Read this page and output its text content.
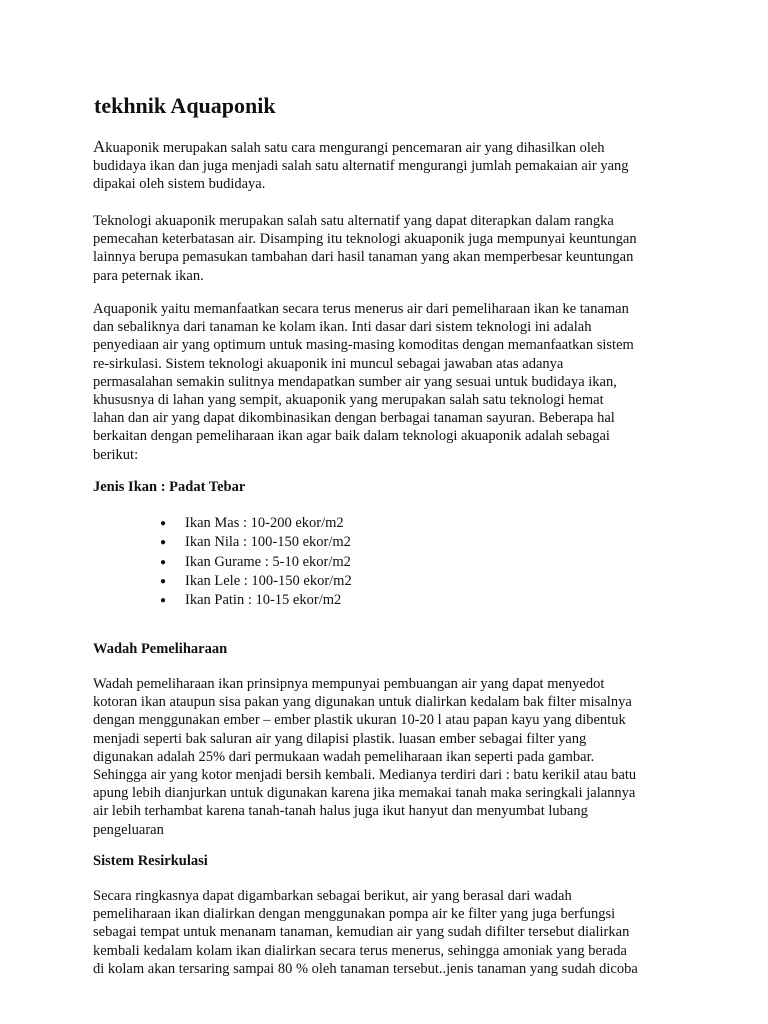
tekhnik Aquaponik

Akuaponik merupakan salah satu cara mengurangi pencemaran air yang dihasilkan oleh
budidaya ikan dan juga menjadi salah satu alternatif mengurangi jumlah pemakaian air yang
dipakai oleh sistem budidaya.

Teknologi akuaponik merupakan salah satu alternatif yang dapat diterapkan dalam rangka
pemecahan keterbatasan air. Disamping itu teknologi akuaponik juga mempunyai keuntungan
lainnya berupa pemasukan tambahan dari hasil tanaman yang akan memperbesar keuntungan
para peternak ikan.

Aquaponik yaitu memanfaatkan secara terus menerus air dari pemeliharaan ikan ke tanaman
dan sebaliknya dari tanaman ke kolam ikan. Inti dasar dari sistem teknologi ini adalah
penyediaan air yang optimum untuk masing-masing komoditas dengan memanfaatkan sistem
re-sirkulasi. Sistem teknologi akuaponik ini muncul sebagai jawaban atas adanya
permasalahan semakin sulitnya mendapatkan sumber air yang sesuai untuk budidaya ikan,
khususnya di lahan yang sempit, akuaponik yang merupakan salah satu teknologi hemat
lahan dan air yang dapat dikombinasikan dengan berbagai tanaman sayuran. Beberapa hal
berkaitan dengan pemeliharaan ikan agar baik dalam teknologi akuaponik adalah sebagai
berikut:

Jenis Ikan : Padat Tebar
● Ikan Mas : 10-200 ekor/m2
● Ikan Nila : 100-150 ekor/m2
● Ikan Gurame : 5-10 ekor/m2
● Ikan Lele : 100-150 ekor/m2
● Ikan Patin : 10-15 ekor/m2
Wadah Pemeliharaan

Wadah pemeliharaan ikan prinsipnya mempunyai pembuangan air yang dapat menyedot
kotoran ikan ataupun sisa pakan yang digunakan untuk dialirkan kedalam bak filter misalnya
dengan menggunakan ember – ember plastik ukuran 10-20 l atau papan kayu yang dibentuk
menjadi seperti bak saluran air yang dilapisi plastik. luasan ember sebagai filter yang
digunakan adalah 25% dari permukaan wadah pemeliharaan ikan seperti pada gambar.
Sehingga air yang kotor menjadi bersih kembali. Medianya terdiri dari : batu kerikil atau batu
apung lebih dianjurkan untuk digunakan karena jika memakai tanah maka seringkali jalannya
air lebih terhambat karena tanah-tanah halus juga ikut hanyut dan menyumbat lubang
pengeluaran

Sistem Resirkulasi

Secara ringkasnya dapat digambarkan sebagai berikut, air yang berasal dari wadah
pemeliharaan ikan dialirkan dengan menggunakan pompa air ke filter yang juga berfungsi
sebagai tempat untuk menanam tanaman, kemudian air yang sudah difilter tersebut dialirkan
kembali kedalam kolam ikan dialirkan secara terus menerus, sehingga amoniak yang berada
di kolam akan tersaring sampai 80 % oleh tanaman tersebut..jenis tanaman yang sudah dicoba
